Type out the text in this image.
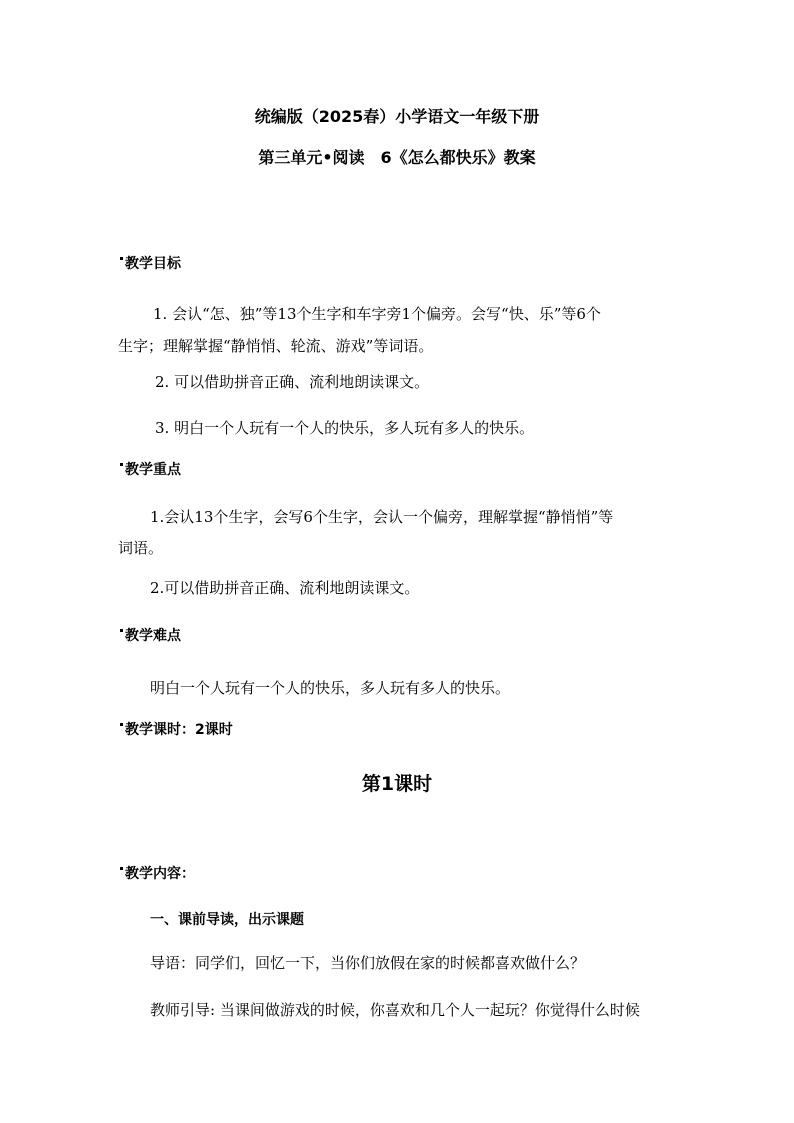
统编版（2025春）小学语文一年级下册
第三单元•阅读　6《怎么都快乐》教案
教学目标
1. 会认“怎、独”等13个生字和车字旁1个偏旁。会写“快、乐”等6个
生字；理解掌握“静悄悄、轮流、游戏”等词语。
2. 可以借助拼音正确、流利地朗读课文。
3. 明白一个人玩有一个人的快乐，多人玩有多人的快乐。
教学重点
1.会认13个生字，会写6个生字，会认一个偏旁，理解掌握“静悄悄”等
词语。
2.可以借助拼音正确、流利地朗读课文。
教学难点
明白一个人玩有一个人的快乐，多人玩有多人的快乐。
教学课时：2课时
第1课时
教学内容：
一、课前导读，出示课题
导语：同学们，回忆一下，当你们放假在家的时候都喜欢做什么？
教师引导: 当课间做游戏的时候，你喜欢和几个人一起玩？你觉得什么时候
